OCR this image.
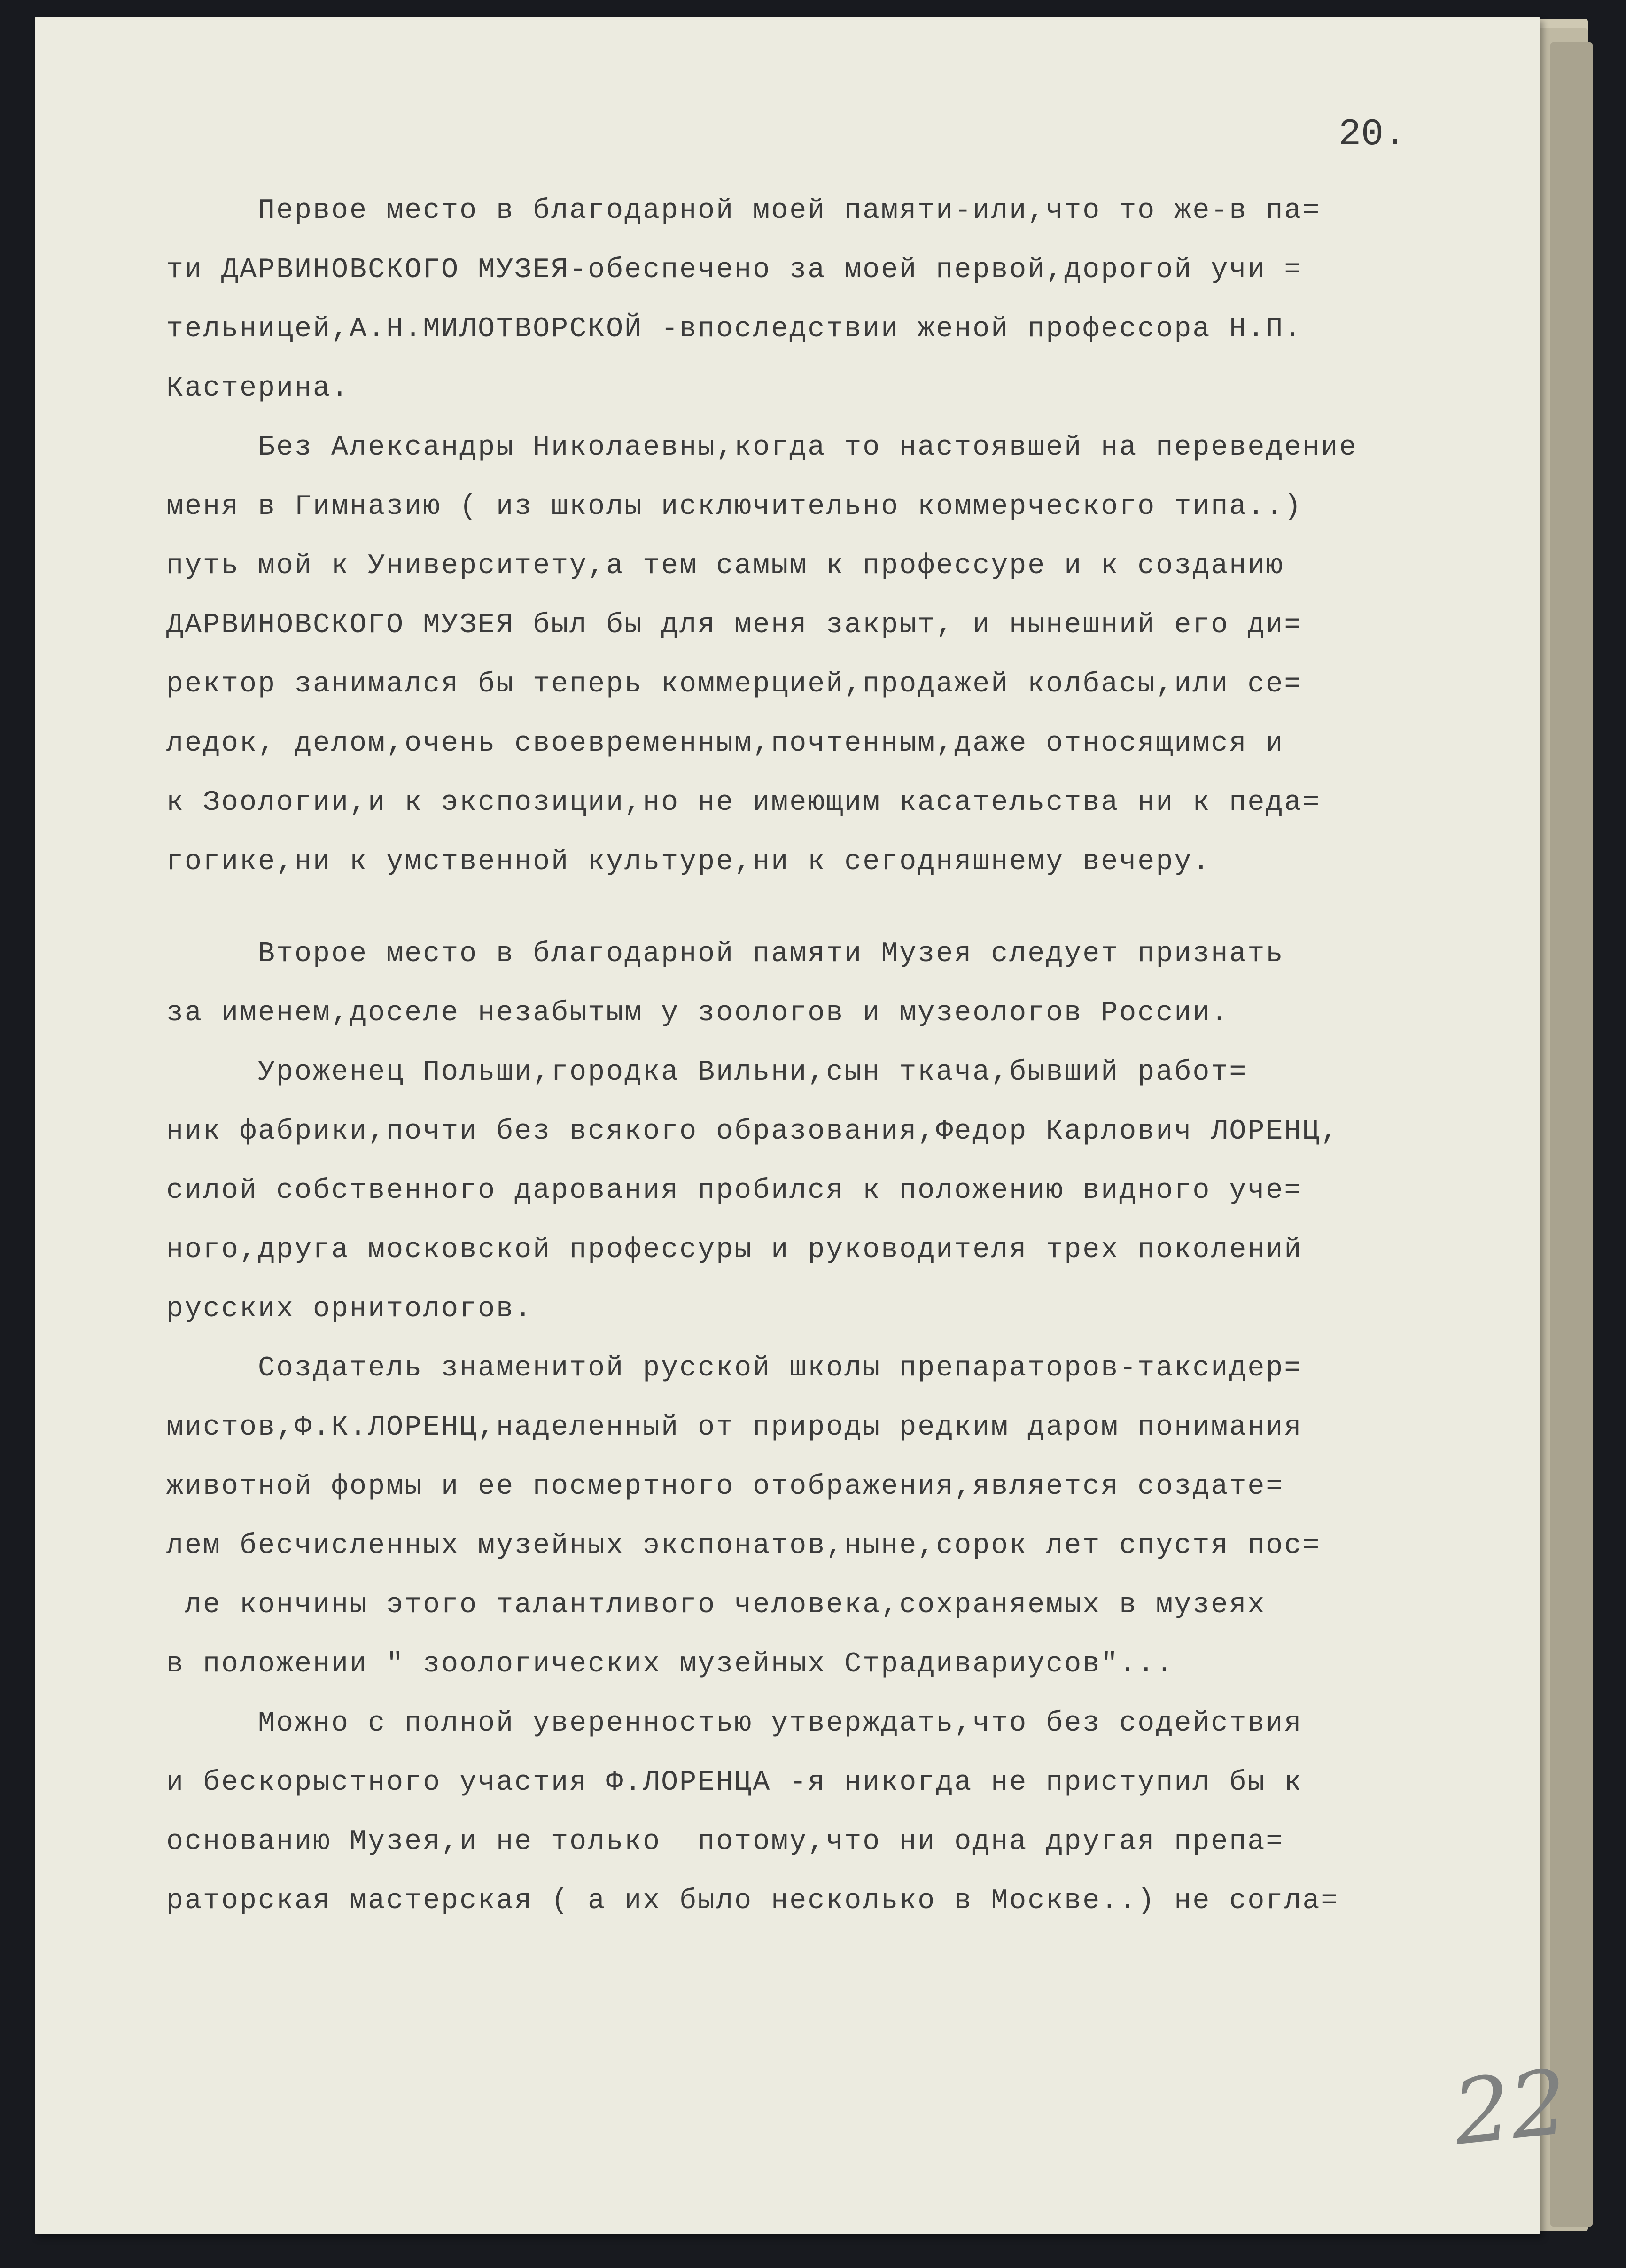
20.
Первое место в благодарной моей памяти-или,что то же-в па=
ти ДАРВИНОВСКОГО МУЗЕЯ-обеспечено за моей первой,дорогой учи =
тельницей,А.Н.МИЛОТВОРСКОЙ -впоследствии женой профессора Н.П.
Кастерина.
Без Александры Николаевны,когда то настоявшей на переведение
меня в Гимназию ( из школы исключительно коммерческого типа..)
путь мой к Университету,а тем самым к профессуре и к созданию
ДАРВИНОВСКОГО МУЗЕЯ был бы для меня закрыт, и нынешний его ди=
ректор занимался бы теперь коммерцией,продажей колбасы,или се=
ледок, делом,очень своевременным,почтенным,даже относящимся и
к Зоологии,и к экспозиции,но не имеющим касательства ни к педа=
гогике,ни к умственной культуре,ни к сегодняшнему вечеру.
Второе место в благодарной памяти Музея следует признать
за именем,доселе незабытым у зоологов и музеологов России.
Уроженец Польши,городка Вильни,сын ткача,бывший работ=
ник фабрики,почти без всякого образования,Федор Карлович ЛОРЕНЦ,
силой собственного дарования пробился к положению видного уче=
ного,друга московской профессуры и руководителя трех поколений
русских орнитологов.
Создатель знаменитой русской школы препараторов-таксидер=
мистов,Ф.К.ЛОРЕНЦ,наделенный от природы редким даром понимания
животной формы и ее посмертного отображения,является создате=
лем бесчисленных музейных экспонатов,ныне,сорок лет спустя пос=
ле кончины этого талантливого человека,сохраняемых в музеях
в положении " зоологических музейных Страдивариусов"...
Можно с полной уверенностью утверждать,что без содействия
и бескорыстного участия Ф.ЛОРЕНЦА -я никогда не приступил бы к
основанию Музея,и не только  потому,что ни одна другая препа=
раторская мастерская ( а их было несколько в Москве..) не согла=
22
